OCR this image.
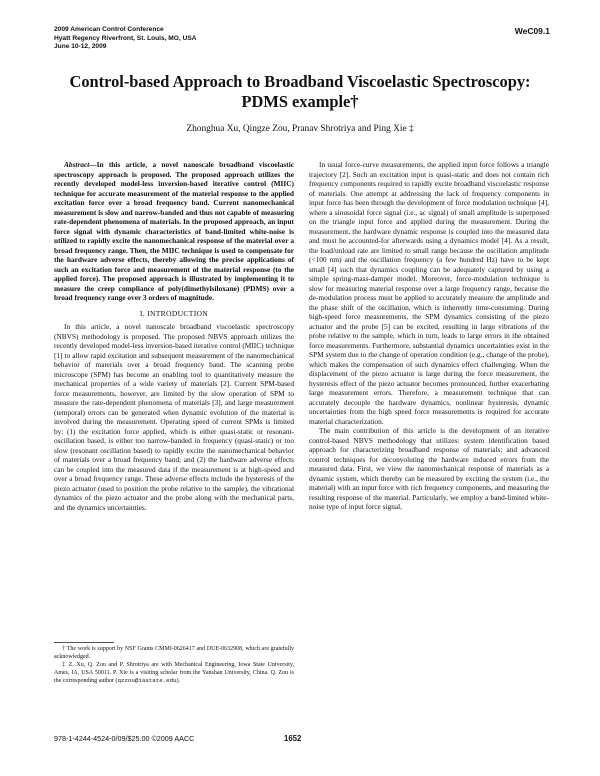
2009 American Control Conference
Hyatt Regency Riverfront, St. Louis, MO, USA
June 10-12, 2009
WeC09.1
Control-based Approach to Broadband Viscoelastic Spectroscopy:
PDMS example†
Zhonghua Xu, Qingze Zou, Pranav Shrotriya and Ping Xie ‡

Abstract—In this article, a novel nanoscale broadband viscoelastic spectroscopy approach is proposed. The proposed approach utilizes the recently developed model-less inversion-based iterative control (MIIC) technique for accurate measurement of the material response to the applied excitation force over a broad frequency band. Current nanomechanical measurement is slow and narrow-banded and thus not capable of measuring rate-dependent phenomena of materials. In the proposed approach, an input force signal with dynamic characteristics of band-limited white-noise is utilized to rapidly excite the nanomechanical response of the material over a broad frequency range. Then, the MIIC technique is used to compensate for the hardware adverse effects, thereby allowing the precise applications of such an excitation force and measurement of the material response (to the applied force). The proposed approach is illustrated by implementing it to measure the creep compliance of poly(dimethylsiloxane) (PDMS) over a broad frequency range over 3 orders of magnitude.

I. INTRODUCTION

In this article, a novel nanoscale broadband viscoelastic spectroscopy (NBVS) methodology is proposed. The proposed NBVS approach utilizes the recently developed model-less inversion-based iterative control (MIIC) technique [1] to allow rapid excitation and subsequent measurement of the nanomechanical behavior of materials over a broad frequency band. The scanning probe microscope (SPM) has become an enabling tool to quantitatively measure the mechanical properties of a wide variety of materials [2]. Current SPM-based force measurements, however, are limited by the slow operation of SPM to measure the rate-dependent phenomena of materials [3], and large measurement (temporal) errors can be generated when dynamic evolution of the material is involved during the measurement. Operating speed of current SPMs is limited by: (1) the excitation force applied, which is either quasi-static or resonant-oscillation based, is either too narrow-banded in frequency (quasi-static) or too slow (resonant oscillation based) to rapidly excite the nanomechanical behavior of materials over a broad frequency band; and (2) the hardware adverse effects can be coupled into the measured data if the measurement is at high-speed and over a broad frequency range. These adverse effects include the hysteresis of the piezo actuator (used to position the probe relative to the sample), the vibrational dynamics of the piezo actuator and the probe along with the mechanical parts, and the dynamics uncertainties.

† The work is support by NSF Grants CMMI-0626417 and DUE-0632908, which are gratefully acknowledged.

‡ Z. Xu, Q. Zou and P. Shrotriya are with Mechanical Engineering, Iowa State University, Ames, IA, USA 50011. P. Xie is a visiting scholar from the Yanshan University, China. Q. Zou is the corresponding author (qzzou@iastate.edu).

In usual force-curve measurements, the applied input force follows a triangle trajectory [2]. Such an excitation input is quasi-static and does not contain rich frequency components required to rapidly excite broadband viscoelastic response of materials. One attempt at addressing the lack of frequency components in input force has been through the development of force modulation technique [4], where a sinusoidal force signal (i.e., ac signal) of small amplitude is superposed on the triangle input force and applied during the measurement. During the measurement, the hardware dynamic response is coupled into the measured data and must be accounted-for afterwards using a dynamics model [4]. As a result, the load/unload rate are limited to small range because the oscillation amplitude (<100 nm) and the oscillation frequency (a few hundred Hz) have to be kept small [4] such that dynamics coupling can be adequately captured by using a simple spring-mass-damper model. Moreover, force-modulation technique is slow for measuring material response over a large frequency range, because the de-modulation process must be applied to accurately measure the amplitude and the phase shift of the oscillation, which is inherently time-consuming. During high-speed force measurements, the SPM dynamics consisting of the piezo actuator and the probe [5] can be excited, resulting in large vibrations of the probe relative to the sample, which in turn, leads to large errors in the obtained force measurements. Furthermore, substantial dynamics uncertainties exist in the SPM system due to the change of operation condition (e.g., change of the probe), which makes the compensation of such dynamics effect challenging. When the displacement of the piezo actuator is large during the force measurement, the hysteresis effect of the piezo actuator becomes pronounced, further exacerbating large measurement errors. Therefore, a measurement technique that can accurately decouple the hardware dynamics, nonlinear hysteresis, dynamic uncertainties from the high speed force measurements is required for accurate material characterization.

The main contribution of this article is the development of an iterative control-based NBVS methodology that utilizes: system identification based approach for characterizing broadband response of materials; and advanced control techniques for deconvoluting the hardware induced errors from the measured data. First, we view the nanomechanical response of materials as a dynamic system, which thereby can be measured by exciting the system (i.e., the material) with an input force with rich frequency components, and measuring the resulting response of the material. Particularly, we employ a band-limited white-noise type of input force signal,

978-1-4244-4524-0/09/$25.00 ©2009 AACC	1652
